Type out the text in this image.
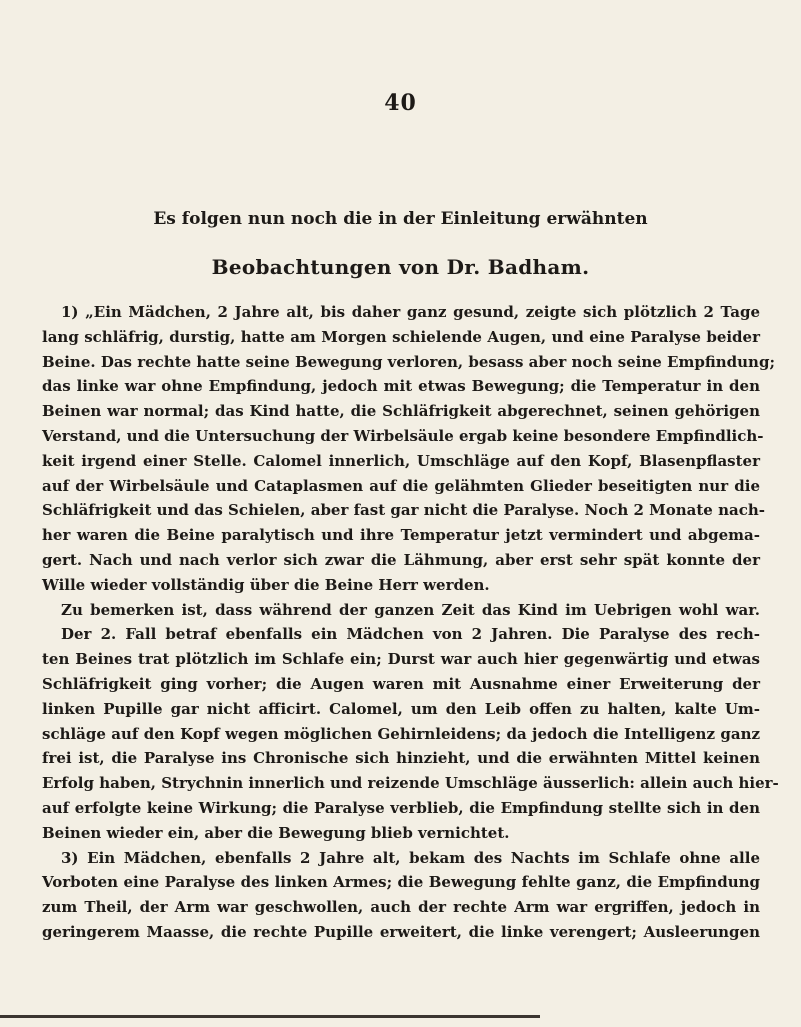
40
Es folgen nun noch die in der Einleitung erwähnten
Beobachtungen von Dr. Badham.
1) „Ein Mädchen, 2 Jahre alt, bis daher ganz gesund, zeigte sich plötzlich 2 Tage
lang schläfrig, durstig, hatte am Morgen schielende Augen, und eine Paralyse beider
Beine. Das rechte hatte seine Bewegung verloren, besass aber noch seine Empfindung;
das linke war ohne Empfindung, jedoch mit etwas Bewegung; die Temperatur in den
Beinen war normal; das Kind hatte, die Schläfrigkeit abgerechnet, seinen gehörigen
Verstand, und die Untersuchung der Wirbelsäule ergab keine besondere Empfindlich-
keit irgend einer Stelle. Calomel innerlich, Umschläge auf den Kopf, Blasenpflaster
auf der Wirbelsäule und Cataplasmen auf die gelähmten Glieder beseitigten nur die
Schläfrigkeit und das Schielen, aber fast gar nicht die Paralyse. Noch 2 Monate nach-
her waren die Beine paralytisch und ihre Temperatur jetzt vermindert und abgema-
gert. Nach und nach verlor sich zwar die Lähmung, aber erst sehr spät konnte der
Wille wieder vollständig über die Beine Herr werden.
Zu bemerken ist, dass während der ganzen Zeit das Kind im Uebrigen wohl war.
Der 2. Fall betraf ebenfalls ein Mädchen von 2 Jahren. Die Paralyse des rech-
ten Beines trat plötzlich im Schlafe ein; Durst war auch hier gegenwärtig und etwas
Schläfrigkeit ging vorher; die Augen waren mit Ausnahme einer Erweiterung der
linken Pupille gar nicht afficirt. Calomel, um den Leib offen zu halten, kalte Um-
schläge auf den Kopf wegen möglichen Gehirnleidens; da jedoch die Intelligenz ganz
frei ist, die Paralyse ins Chronische sich hinzieht, und die erwähnten Mittel keinen
Erfolg haben, Strychnin innerlich und reizende Umschläge äusserlich: allein auch hier-
auf erfolgte keine Wirkung; die Paralyse verblieb, die Empfindung stellte sich in den
Beinen wieder ein, aber die Bewegung blieb vernichtet.
3) Ein Mädchen, ebenfalls 2 Jahre alt, bekam des Nachts im Schlafe ohne alle
Vorboten eine Paralyse des linken Armes; die Bewegung fehlte ganz, die Empfindung
zum Theil, der Arm war geschwollen, auch der rechte Arm war ergriffen, jedoch in
geringerem Maasse, die rechte Pupille erweitert, die linke verengert; Ausleerungen
